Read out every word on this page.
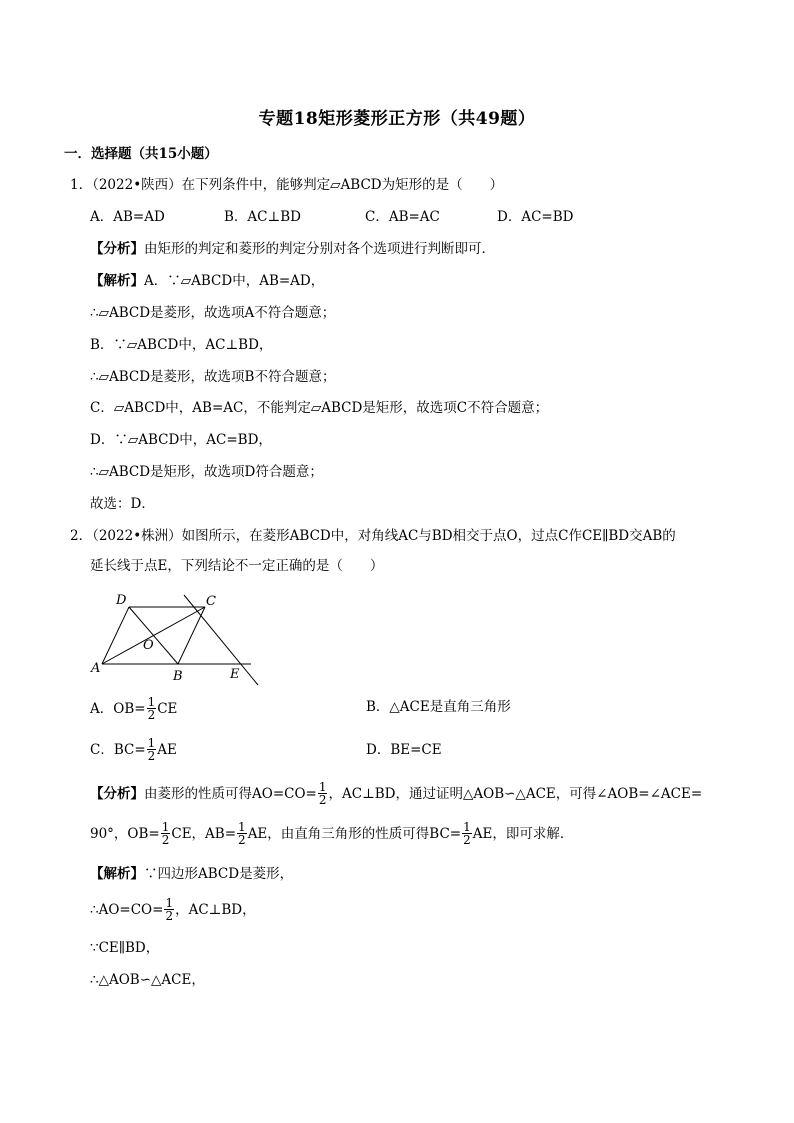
专题18矩形菱形正方形（共49题）
一．选择题（共15小题）
1．（2022•陕西）在下列条件中，能够判定▱ABCD为矩形的是（　　）
A．AB=AD	B．AC⊥BD	C．AB=AC	D．AC=BD
【分析】由矩形的判定和菱形的判定分别对各个选项进行判断即可．
【解析】A．∵▱ABCD中，AB=AD，
∴▱ABCD是菱形，故选项A不符合题意；
B．∵▱ABCD中，AC⊥BD，
∴▱ABCD是菱形，故选项B不符合题意；
C．▱ABCD中，AB=AC，不能判定▱ABCD是矩形，故选项C不符合题意；
D．∵▱ABCD中，AC=BD，
∴▱ABCD是矩形，故选项D符合题意；
故选：D．
2．（2022•株洲）如图所示，在菱形ABCD中，对角线AC与BD相交于点O，过点C作CE∥BD交AB的
延长线于点E，下列结论不一定正确的是（　　）
D	C
O
A
B	E
A．$OB= \frac{1}{2}$ CE	B．△ACE是直角三角形
C．$BC= \frac{1}{2}$ AE	D．BE=CE
【分析】由菱形的性质可得$AO=CO= \frac{1}{2}$ ，AC⊥BD，通过证明△AOB∽△ACE，可得∠AOB=∠ACE=
90°，$OB= \frac{1}{2}$ CE，$AB= \frac{1}{2}$ AE，由直角三角形的性质可得$BC= \frac{1}{2}$ AE，即可求解．
【解析】∵四边形ABCD是菱形，
∴AO=CO= $\frac{1}{2}$ ，AC⊥BD，
∵CE∥BD，
∴△AOB∽△ACE，
